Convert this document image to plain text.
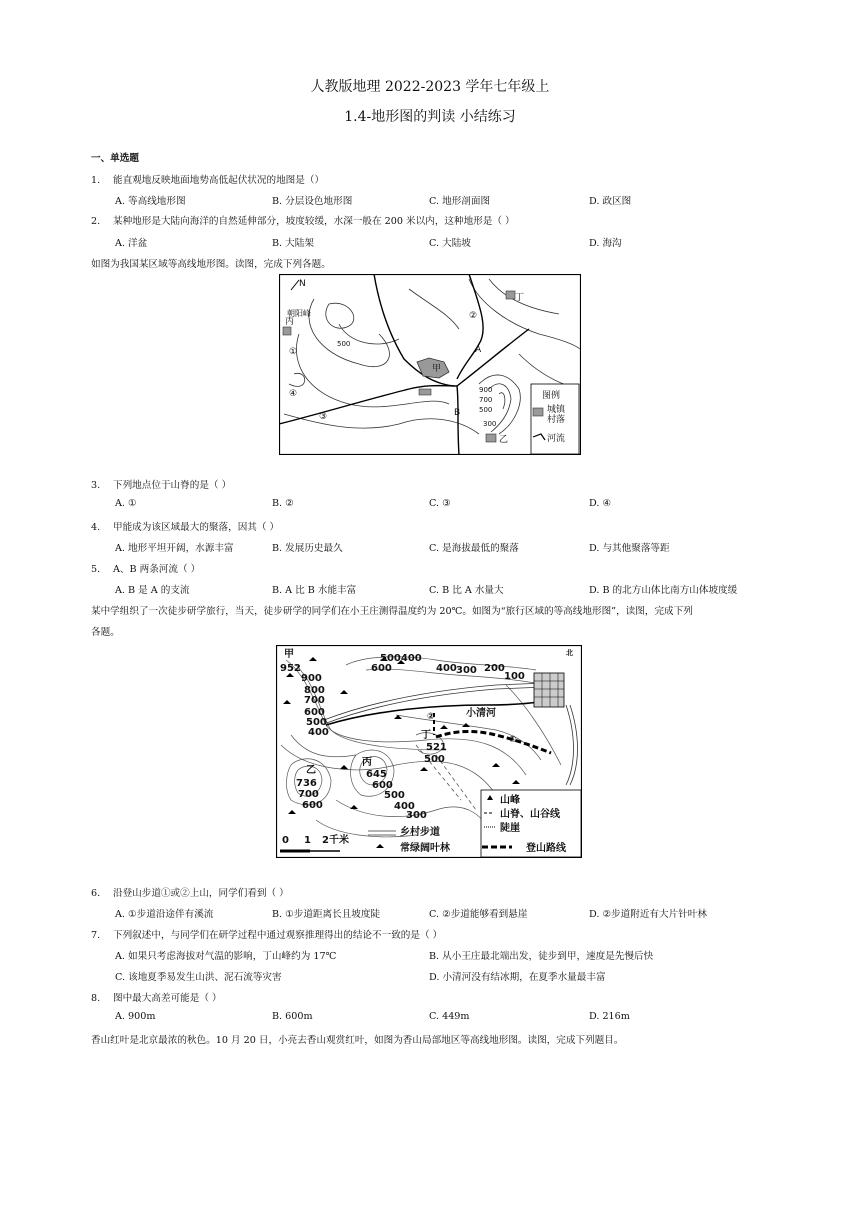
人教版地理 2022-2023 学年七年级上
1.4-地形图的判读 小结练习
一、单选题
1. 能直观地反映地面地势高低起伏状况的地图是（）
A. 等高线地形图	B. 分层设色地形图	C. 地形剖面图	D. 政区图
2. 某种地形是大陆向海洋的自然延伸部分，坡度较缓，水深一般在 200 米以内，这种地形是（ ）
A. 洋盆	B. 大陆架	C. 大陆坡	D. 海沟
如图为我国某区域等高线地形图。读图，完成下列各题。
N
朝阳峰
丙
①
②
③
④
500
甲
A
B
丁
乙
900
700
500
300
图例
城镇
村落
河流
3. 下列地点位于山脊的是（ ）
A. ①	B. ②	C. ③	D. ④
4. 甲能成为该区域最大的聚落，因其（ ）
A. 地形平坦开阔，水源丰富	B. 发展历史最久	C. 是海拔最低的聚落	D. 与其他聚落等距
5. A、B 两条河流（ ）
A. B 是 A 的支流	B. A 比 B 水能丰富	C. B 比 A 水量大	D. B 的北方山体比南方山体坡度缓
某中学组织了一次徒步研学旅行，当天，徒步研学的同学们在小王庄测得温度约为 20℃。如图为“旅行区域的等高线地形图”，读图，完成下列
各题。
甲
952
900
800
700
600
500
400
500400
600	400 300 200
100
小清河
丁
521
500
乙
736
700
600
丙
645
600
500
400
300
①
②
北
山峰
山脊、山谷线
陡崖
乡村步道
常绿阔叶林	登山路线
0 1 2千米
6. 沿登山步道①或②上山，同学们看到（ ）
A. ①步道沿途伴有溪流	B. ①步道距离长且坡度陡	C. ②步道能够看到悬崖	D. ②步道附近有大片针叶林
7. 下列叙述中，与同学们在研学过程中通过观察推理得出的结论不一致的是（ ）
A. 如果只考虑海拔对气温的影响，丁山峰约为 17℃	B. 从小王庄最北端出发，徒步到甲，速度是先慢后快
C. 该地夏季易发生山洪、泥石流等灾害	D. 小清河没有结冰期，在夏季水量最丰富
8. 图中最大高差可能是（ ）
A. 900m	B. 600m	C. 449m	D. 216m
香山红叶是北京最浓的秋色。10 月 20 日，小亮去香山观赏红叶，如图为香山局部地区等高线地形图。读图，完成下列题目。
